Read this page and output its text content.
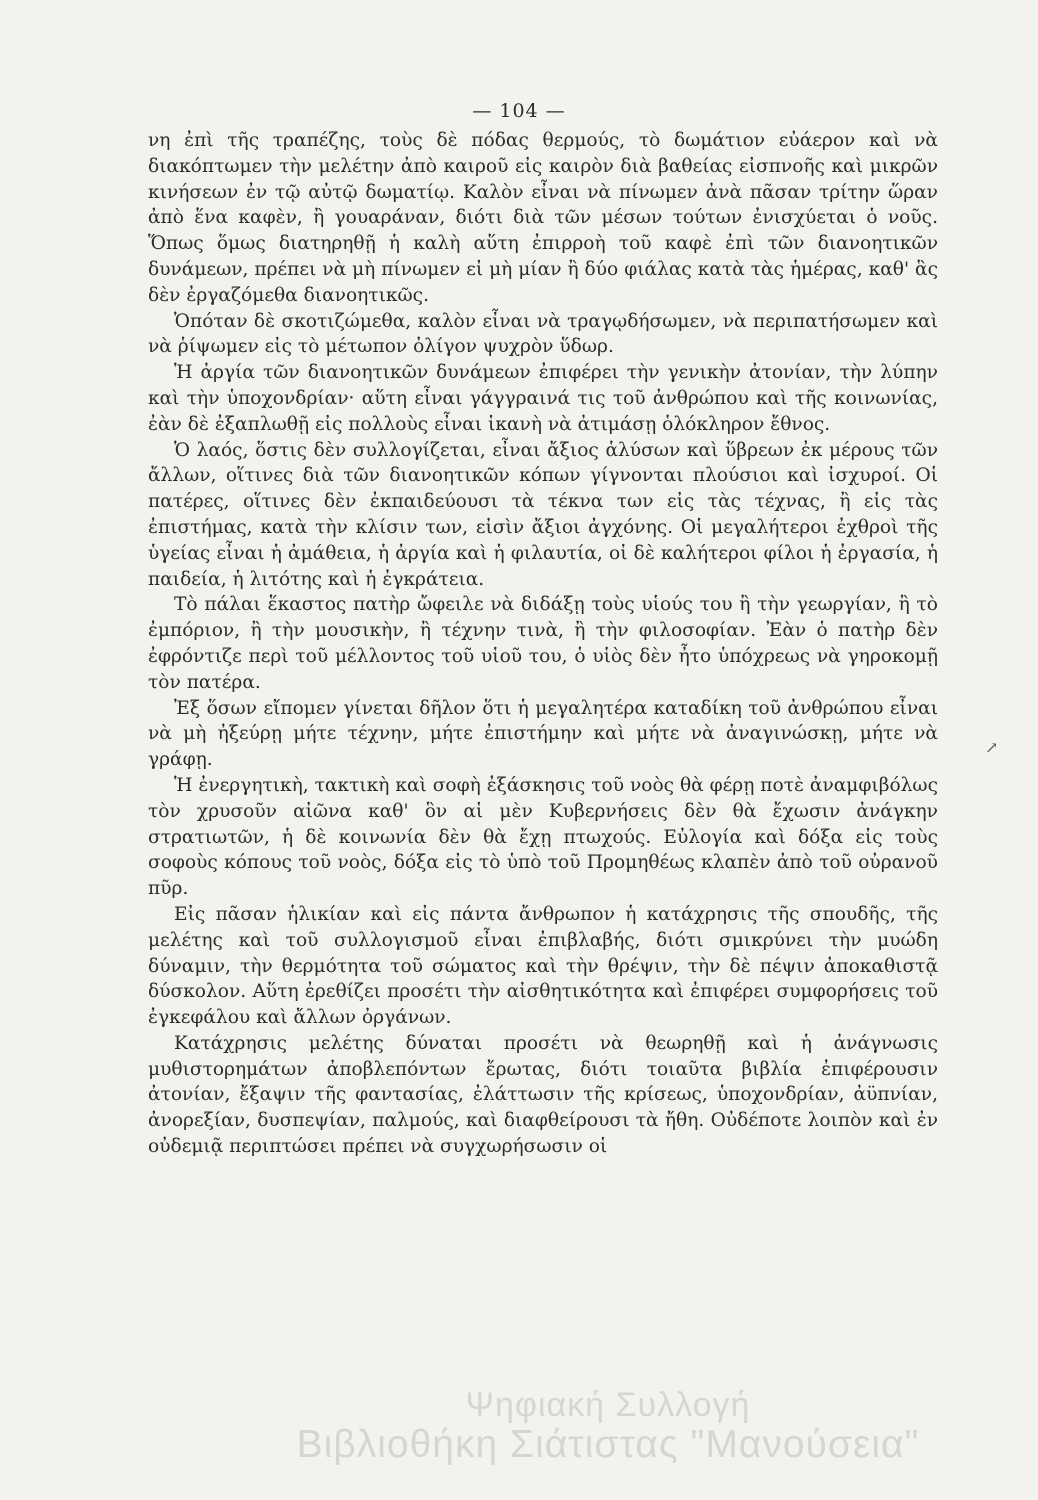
— 104 —

νη ἐπὶ τῆς τραπέζης, τοὺς δὲ πόδας θερμούς, τὸ δωμάτιον εὐάερον καὶ νὰ διακόπτωμεν τὴν μελέτην ἀπὸ καιροῦ εἰς καιρὸν διὰ βαθείας εἰσπνοῆς καὶ μικρῶν κινήσεων ἐν τῷ αὐτῷ δωματίῳ. Καλὸν εἶναι νὰ πίνωμεν ἀνὰ πᾶσαν τρίτην ὥραν ἀπὸ ἕνα καφὲν, ἢ γουαράναν, διότι διὰ τῶν μέσων τούτων ἐνισχύεται ὁ νοῦς. Ὅπως ὅμως διατηρηθῇ ἡ καλὴ αὕτη ἐπιρροὴ τοῦ καφὲ ἐπὶ τῶν διανοητικῶν δυνάμεων, πρέπει νὰ μὴ πίνωμεν εἰ μὴ μίαν ἢ δύο φιάλας κατὰ τὰς ἡμέρας, καθ' ἃς δὲν ἐργαζόμεθα διανοητικῶς.

Ὁπόταν δὲ σκοτιζώμεθα, καλὸν εἶναι νὰ τραγῳδήσωμεν, νὰ περιπατήσωμεν καὶ νὰ ῥίψωμεν εἰς τὸ μέτωπον ὀλίγον ψυχρὸν ὕδωρ.

Ἡ ἀργία τῶν διανοητικῶν δυνάμεων ἐπιφέρει τὴν γενικὴν ἀτονίαν, τὴν λύπην καὶ τὴν ὑποχονδρίαν· αὕτη εἶναι γάγγραινά τις τοῦ ἀνθρώπου καὶ τῆς κοινωνίας, ἐὰν δὲ ἐξαπλωθῇ εἰς πολλοὺς εἶναι ἱκανὴ νὰ ἀτιμάσῃ ὁλόκληρον ἔθνος.

Ὁ λαός, ὅστις δὲν συλλογίζεται, εἶναι ἄξιος ἁλύσων καὶ ὕβρεων ἐκ μέρους τῶν ἄλλων, οἵτινες διὰ τῶν διανοητικῶν κόπων γίγνονται πλούσιοι καὶ ἰσχυροί. Οἱ πατέρες, οἵτινες δὲν ἐκπαιδεύουσι τὰ τέκνα των εἰς τὰς τέχνας, ἢ εἰς τὰς ἐπιστήμας, κατὰ τὴν κλίσιν των, εἰσὶν ἄξιοι ἀγχόνης. Οἱ μεγαλήτεροι ἐχθροὶ τῆς ὑγείας εἶναι ἡ ἀμάθεια, ἡ ἀργία καὶ ἡ φιλαυτία, οἱ δὲ καλήτεροι φίλοι ἡ ἐργασία, ἡ παιδεία, ἡ λιτότης καὶ ἡ ἐγκράτεια.

Τὸ πάλαι ἕκαστος πατὴρ ὤφειλε νὰ διδάξῃ τοὺς υἱούς του ἢ τὴν γεωργίαν, ἢ τὸ ἐμπόριον, ἢ τὴν μουσικὴν, ἢ τέχνην τινὰ, ἢ τὴν φιλοσοφίαν. Ἐὰν ὁ πατὴρ δὲν ἐφρόντιζε περὶ τοῦ μέλλοντος τοῦ υἱοῦ του, ὁ υἱὸς δὲν ἦτο ὑπόχρεως νὰ γηροκομῇ τὸν πατέρα.

Ἐξ ὅσων εἴπομεν γίνεται δῆλον ὅτι ἡ μεγαλητέρα καταδίκη τοῦ ἀνθρώπου εἶναι νὰ μὴ ἠξεύρῃ μήτε τέχνην, μήτε ἐπιστήμην καὶ μήτε νὰ ἀναγινώσκῃ, μήτε νὰ γράφῃ.

Ἡ ἐνεργητικὴ, τακτικὴ καὶ σοφὴ ἐξάσκησις τοῦ νοὸς θὰ φέρῃ ποτὲ ἀναμφιβόλως τὸν χρυσοῦν αἰῶνα καθ' ὃν αἱ μὲν Κυβερνήσεις δὲν θὰ ἔχωσιν ἀνάγκην στρατιωτῶν, ἡ δὲ κοινωνία δὲν θὰ ἔχῃ πτωχούς. Εὐλογία καὶ δόξα εἰς τοὺς σοφοὺς κόπους τοῦ νοὸς, δόξα εἰς τὸ ὑπὸ τοῦ Προμηθέως κλαπὲν ἀπὸ τοῦ οὐρανοῦ πῦρ.

Εἰς πᾶσαν ἡλικίαν καὶ εἰς πάντα ἄνθρωπον ἡ κατάχρησις τῆς σπουδῆς, τῆς μελέτης καὶ τοῦ συλλογισμοῦ εἶναι ἐπιβλαβής, διότι σμικρύνει τὴν μυώδη δύναμιν, τὴν θερμότητα τοῦ σώματος καὶ τὴν θρέψιν, τὴν δὲ πέψιν ἀποκαθιστᾷ δύσκολον. Αὕτη ἐρεθίζει προσέτι τὴν αἰσθητικότητα καὶ ἐπιφέρει συμφορήσεις τοῦ ἐγκεφάλου καὶ ἄλλων ὀργάνων.

Κατάχρησις μελέτης δύναται προσέτι νὰ θεωρηθῇ καὶ ἡ ἀνάγνωσις μυθιστορημάτων ἀποβλεπόντων ἔρωτας, διότι τοιαῦτα βιβλία ἐπιφέρουσιν ἀτονίαν, ἔξαψιν τῆς φαντασίας, ἐλάττωσιν τῆς κρίσεως, ὑποχονδρίαν, ἀϋπνίαν, ἀνορεξίαν, δυσπεψίαν, παλμούς, καὶ διαφθείρουσι τὰ ἤθη. Οὐδέποτε λοιπὸν καὶ ἐν οὐδεμιᾷ περιπτώσει πρέπει νὰ συγχωρήσωσιν οἱ

↗
Ψηφιακή Συλλογή
Βιβλιοθήκη Σιάτιστας "Μανούσεια"
